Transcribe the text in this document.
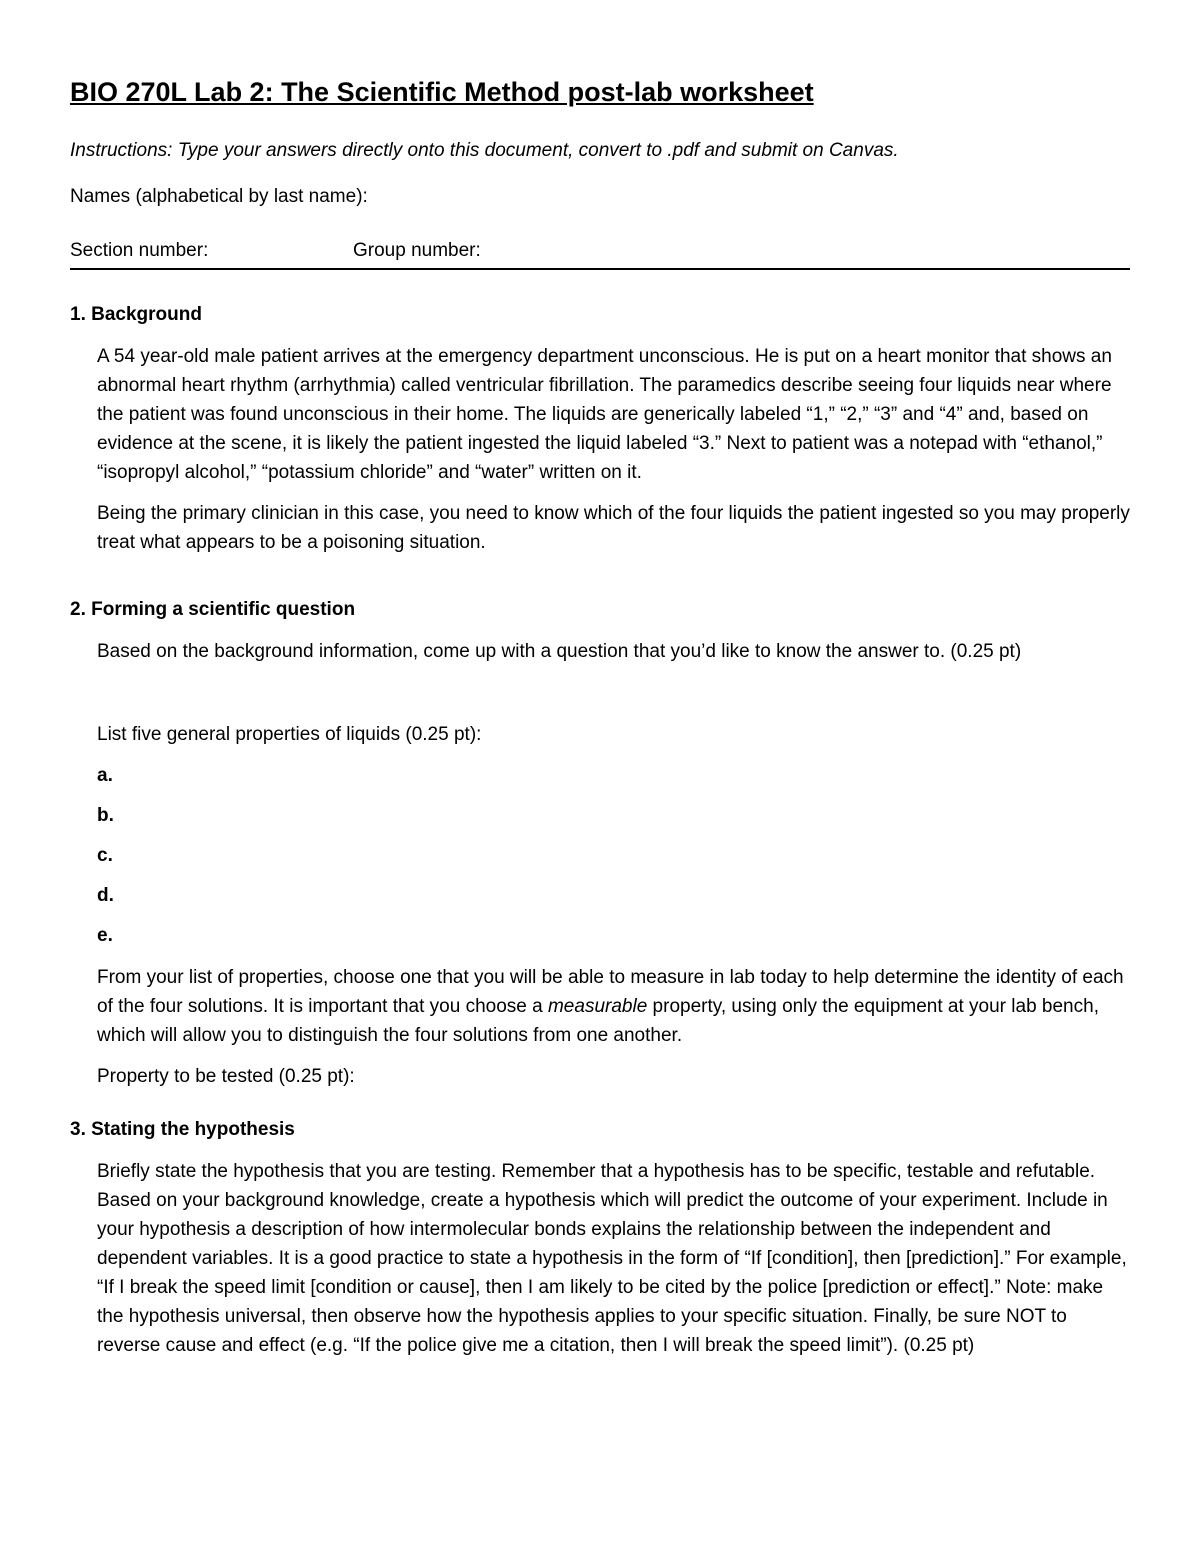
BIO 270L Lab 2: The Scientific Method post-lab worksheet
Instructions: Type your answers directly onto this document, convert to .pdf and submit on Canvas.
Names (alphabetical by last name):
Section number:	Group number:
1. Background

A 54 year-old male patient arrives at the emergency department unconscious. He is put on a heart monitor that shows an abnormal heart rhythm (arrhythmia) called ventricular fibrillation. The paramedics describe seeing four liquids near where the patient was found unconscious in their home. The liquids are generically labeled “1,” “2,” “3” and “4” and, based on evidence at the scene, it is likely the patient ingested the liquid labeled “3.” Next to patient was a notepad with “ethanol,” “isopropyl alcohol,” “potassium chloride” and “water” written on it.

Being the primary clinician in this case, you need to know which of the four liquids the patient ingested so you may properly treat what appears to be a poisoning situation.

2. Forming a scientific question

Based on the background information, come up with a question that you’d like to know the answer to. (0.25 pt)

List five general properties of liquids (0.25 pt):

a.
b.
c.
d.
e.

From your list of properties, choose one that you will be able to measure in lab today to help determine the identity of each of the four solutions. It is important that you choose a measurable property, using only the equipment at your lab bench, which will allow you to distinguish the four solutions from one another.

Property to be tested (0.25 pt):

3. Stating the hypothesis

Briefly state the hypothesis that you are testing. Remember that a hypothesis has to be specific, testable and refutable. Based on your background knowledge, create a hypothesis which will predict the outcome of your experiment. Include in your hypothesis a description of how intermolecular bonds explains the relationship between the independent and dependent variables. It is a good practice to state a hypothesis in the form of “If [condition], then [prediction].” For example, “If I break the speed limit [condition or cause], then I am likely to be cited by the police [prediction or effect].” Note: make the hypothesis universal, then observe how the hypothesis applies to your specific situation. Finally, be sure NOT to reverse cause and effect (e.g. “If the police give me a citation, then I will break the speed limit”). (0.25 pt)
